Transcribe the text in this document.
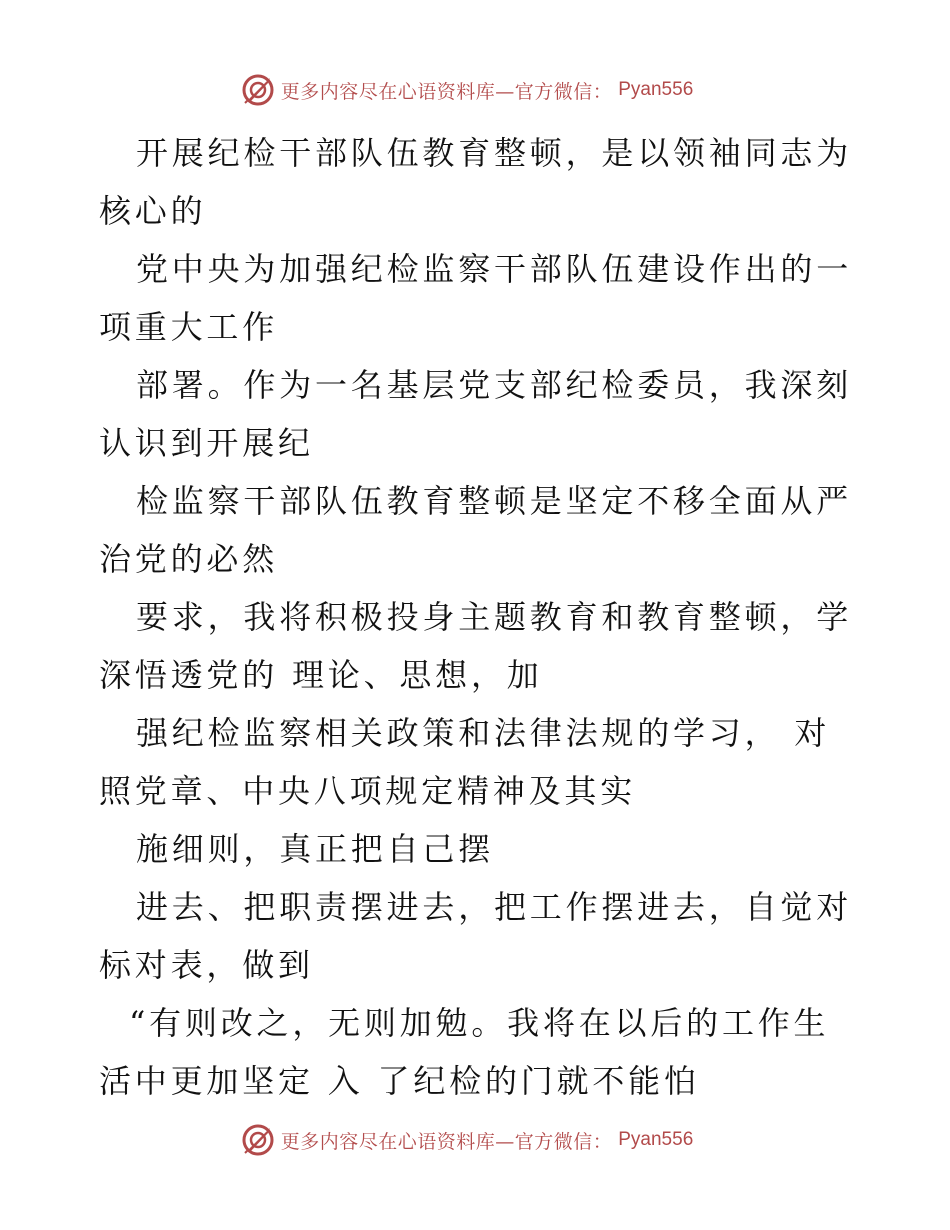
更多内容尽在心语资料库—官方微信： Pyan556

开展纪检干部队伍教育整顿，是以领袖同志为核心的

党中央为加强纪检监察干部队伍建设作出的一项重大工作

部署。作为一名基层党支部纪检委员，我深刻认识到开展纪

检监察干部队伍教育整顿是坚定不移全面从严治党的必然

要求，我将积极投身主题教育和教育整顿，学深悟透党的 理论、思想，加

强纪检监察相关政策和法律法规的学习， 对照党章、中央八项规定精神及其实

施细则，真正把自己摆

进去、把职责摆进去，把工作摆进去，自觉对标对表，做到

“有则改之，无则加勉。我将在以后的工作生活中更加坚定 入 了纪检的门就不能怕

更多内容尽在心语资料库—官方微信： Pyan556
